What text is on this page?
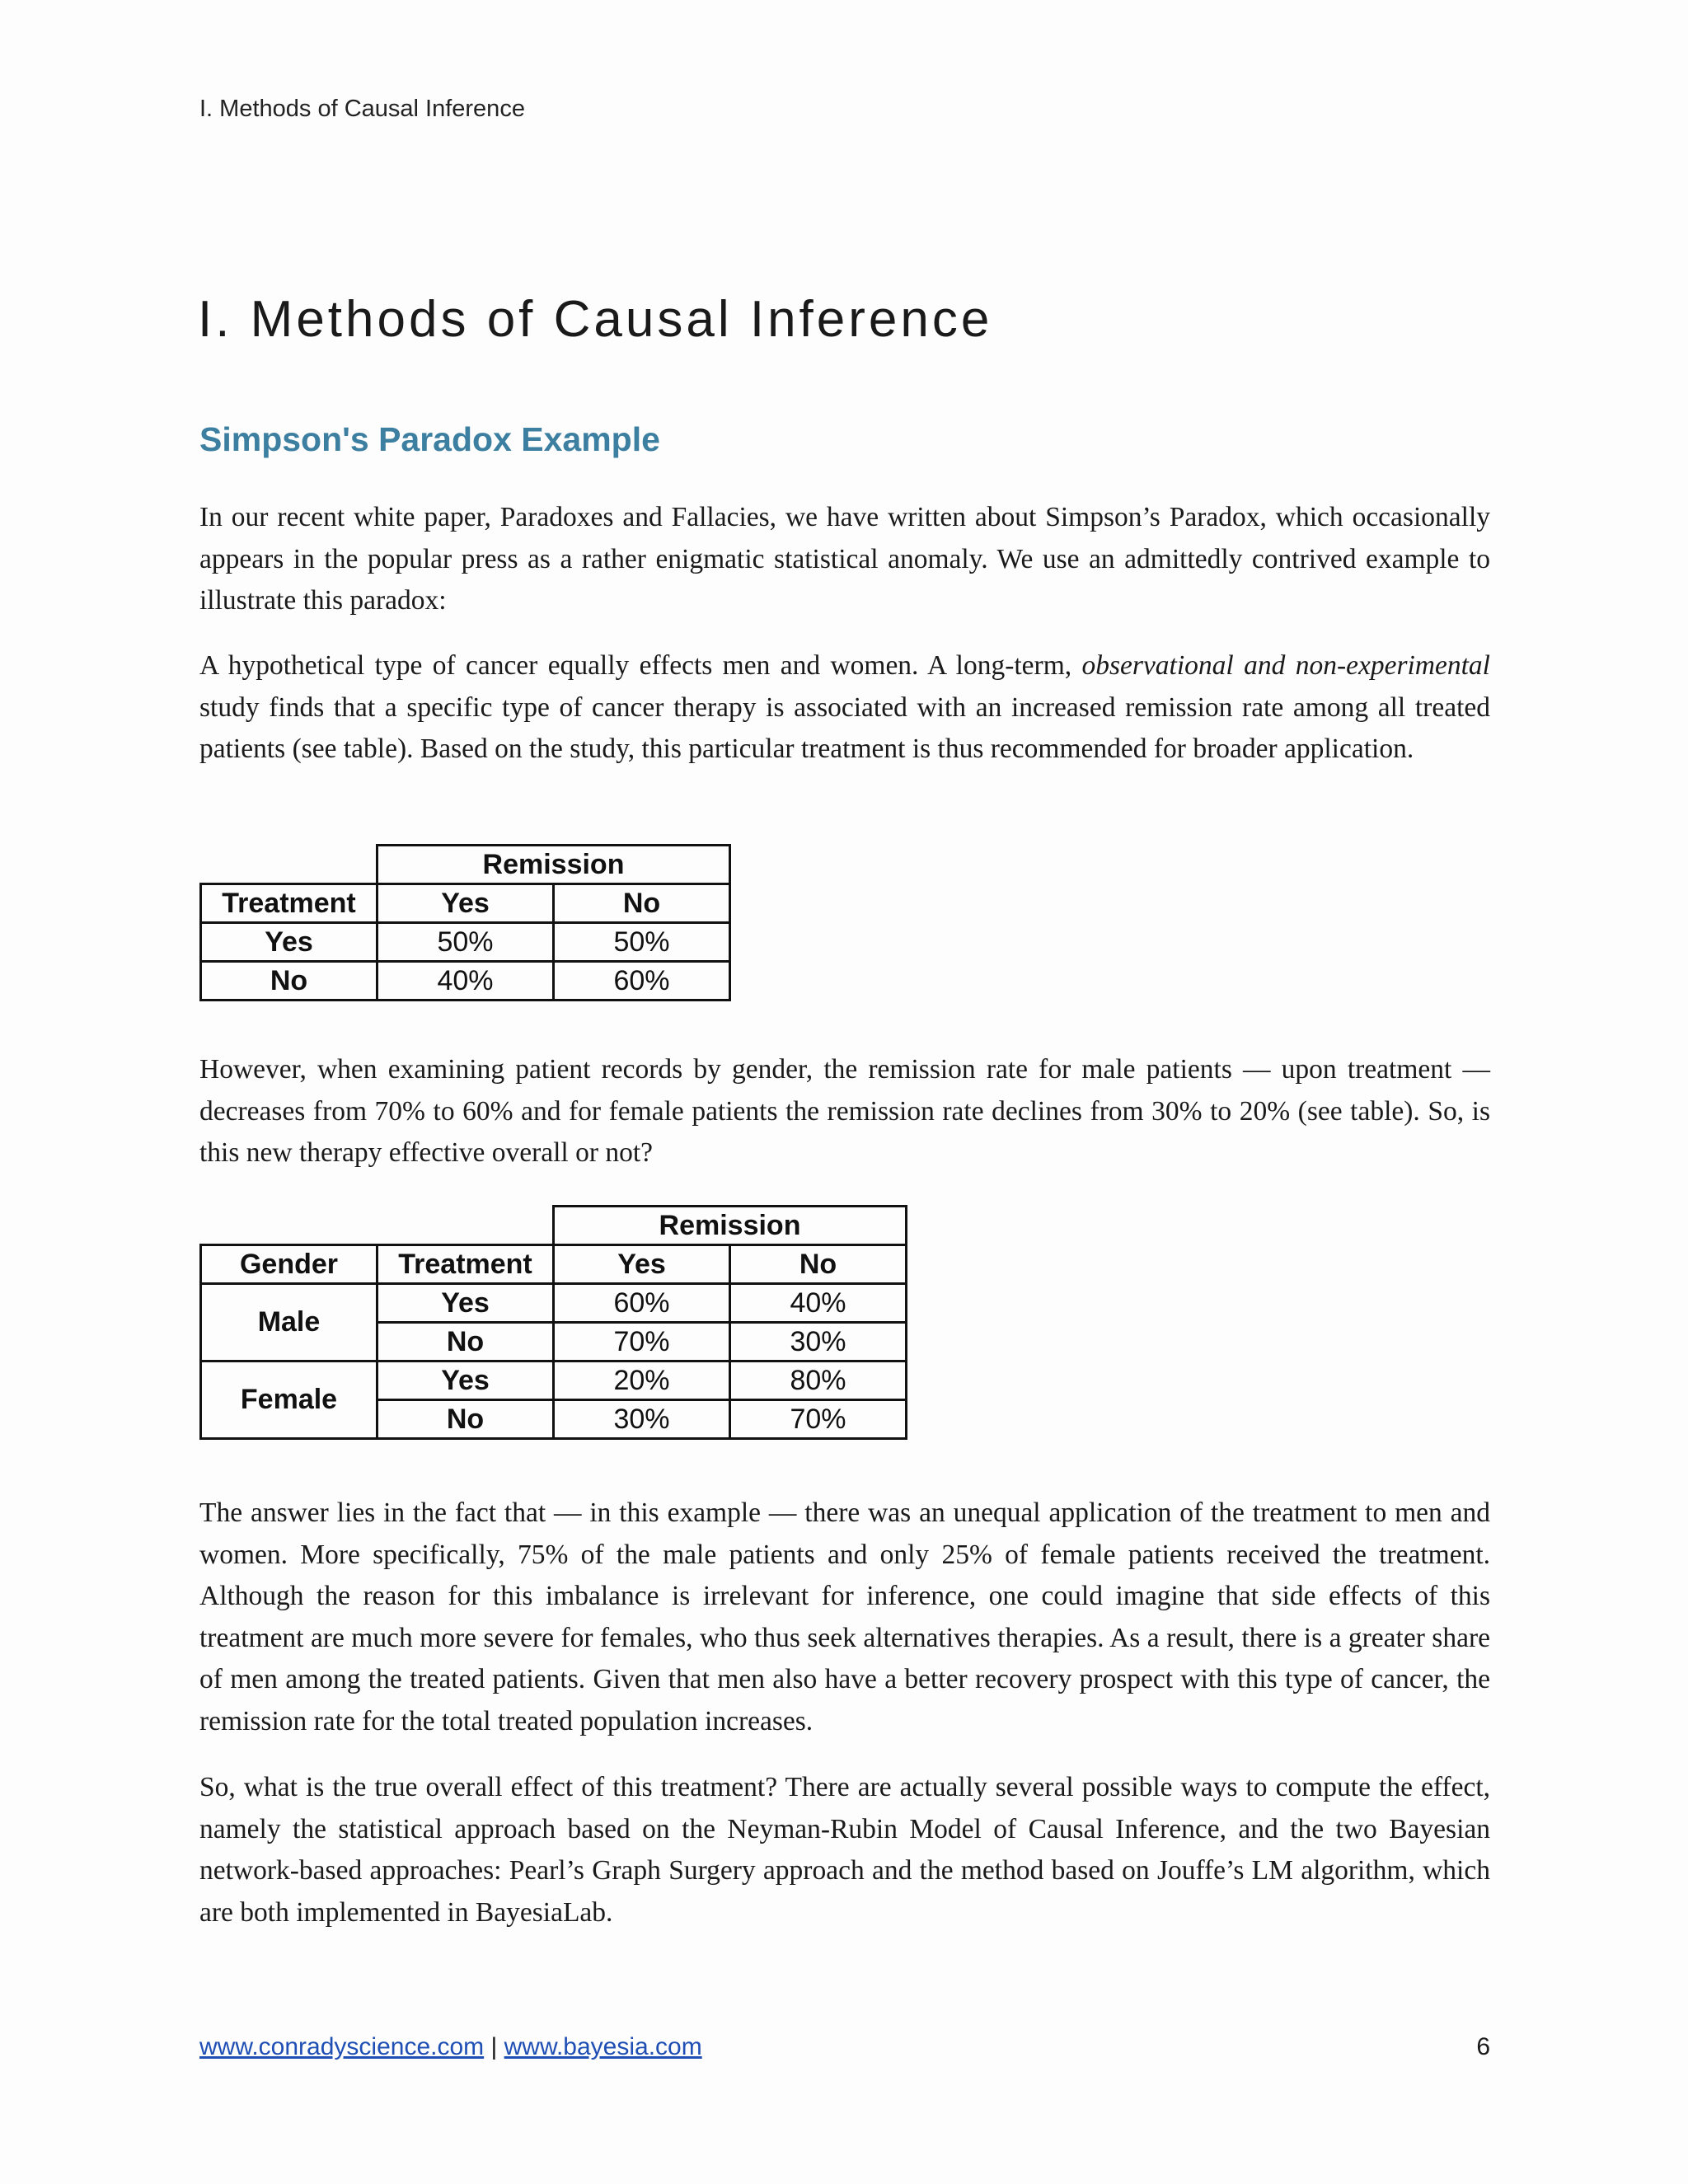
I. Methods of Causal Inference
I. Methods of Causal Inference
Simpson's Paradox Example

In our recent white paper, Paradoxes and Fallacies, we have written about Simpson’s Paradox, which occasionally appears in the popular press as a rather enigmatic statistical anomaly. We use an admittedly contrived example to illustrate this paradox:

A hypothetical type of cancer equally effects men and women. A long-term, observational and non-experimental study finds that a specific type of cancer therapy is associated with an increased remission rate among all treated patients (see table). Based on the study, this particular treatment is thus recommended for broader application.

	Remission	
Treatment	Yes	No
Yes	50%	50%
No	40%	60%

However, when examining patient records by gender, the remission rate for male patients — upon treatment — decreases from 70% to 60% and for female patients the remission rate declines from 30% to 20% (see table). So, is this new therapy effective overall or not?

		Remission	
Gender	Treatment	Yes	No
Male	Yes	60%	40%
	No	70%	30%
Female	Yes	20%	80%
	No	30%	70%

The answer lies in the fact that — in this example — there was an unequal application of the treatment to men and women. More specifically, 75% of the male patients and only 25% of female patients received the treatment. Although the reason for this imbalance is irrelevant for inference, one could imagine that side effects of this treatment are much more severe for females, who thus seek alternatives therapies. As a result, there is a greater share of men among the treated patients. Given that men also have a better recovery prospect with this type of cancer, the remission rate for the total treated population increases.

So, what is the true overall effect of this treatment? There are actually several possible ways to compute the effect, namely the statistical approach based on the Neyman-Rubin Model of Causal Inference, and the two Bayesian network-based approaches: Pearl’s Graph Surgery approach and the method based on Jouffe’s LM algorithm, which are both implemented in BayesiaLab.

www.conradyscience.com | www.bayesia.com	6
